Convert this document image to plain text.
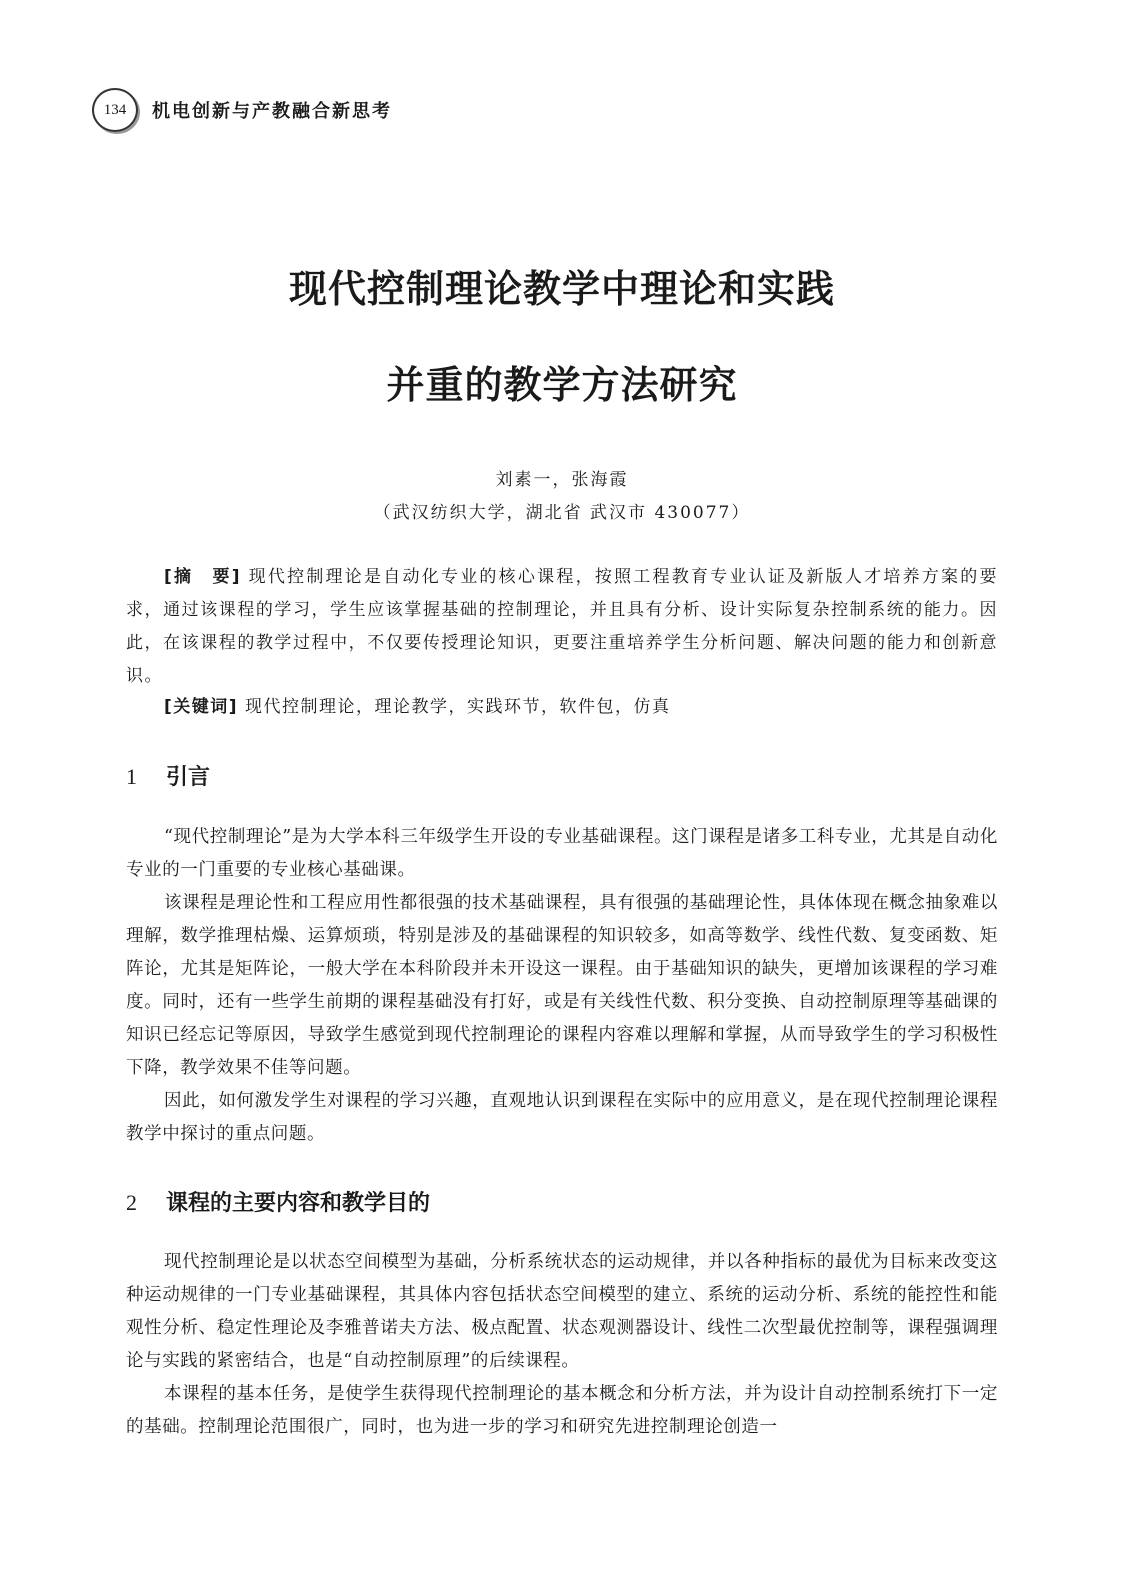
134	机电创新与产教融合新思考
现代控制理论教学中理论和实践
并重的教学方法研究
刘素一，张海霞
（武汉纺织大学，湖北省 武汉市 430077）
[摘　要] 现代控制理论是自动化专业的核心课程，按照工程教育专业认证及新版人才培养方案的要求，通过该课程的学习，学生应该掌握基础的控制理论，并且具有分析、设计实际复杂控制系统的能力。因此，在该课程的教学过程中，不仅要传授理论知识，更要注重培养学生分析问题、解决问题的能力和创新意识。
[关键词] 现代控制理论，理论教学，实践环节，软件包，仿真
1 引言

“现代控制理论”是为大学本科三年级学生开设的专业基础课程。这门课程是诸多工科专业，尤其是自动化专业的一门重要的专业核心基础课。

该课程是理论性和工程应用性都很强的技术基础课程，具有很强的基础理论性，具体体现在概念抽象难以理解，数学推理枯燥、运算烦琐，特别是涉及的基础课程的知识较多，如高等数学、线性代数、复变函数、矩阵论，尤其是矩阵论，一般大学在本科阶段并未开设这一课程。由于基础知识的缺失，更增加该课程的学习难度。同时，还有一些学生前期的课程基础没有打好，或是有关线性代数、积分变换、自动控制原理等基础课的知识已经忘记等原因，导致学生感觉到现代控制理论的课程内容难以理解和掌握，从而导致学生的学习积极性下降，教学效果不佳等问题。

因此，如何激发学生对课程的学习兴趣，直观地认识到课程在实际中的应用意义，是在现代控制理论课程教学中探讨的重点问题。

2 课程的主要内容和教学目的

现代控制理论是以状态空间模型为基础，分析系统状态的运动规律，并以各种指标的最优为目标来改变这种运动规律的一门专业基础课程，其具体内容包括状态空间模型的建立、系统的运动分析、系统的能控性和能观性分析、稳定性理论及李雅普诺夫方法、极点配置、状态观测器设计、线性二次型最优控制等，课程强调理论与实践的紧密结合，也是“自动控制原理”的后续课程。

本课程的基本任务，是使学生获得现代控制理论的基本概念和分析方法，并为设计自动控制系统打下一定的基础。控制理论范围很广，同时，也为进一步的学习和研究先进控制理论创造一
